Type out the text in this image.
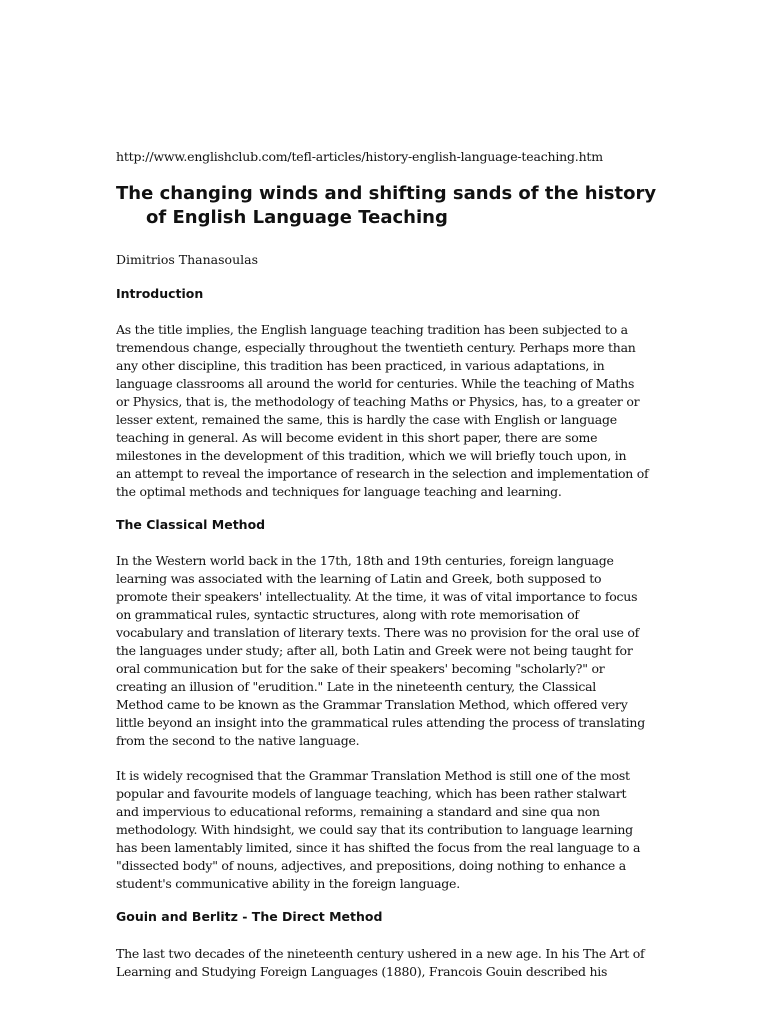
http://www.englishclub.com/tefl-articles/history-english-language-teaching.htm
The changing winds and shifting sands of the history of English Language Teaching
Dimitrios Thanasoulas
Introduction

As the title implies, the English language teaching tradition has been subjected to a
tremendous change, especially throughout the twentieth century. Perhaps more than
any other discipline, this tradition has been practiced, in various adaptations, in
language classrooms all around the world for centuries. While the teaching of Maths
or Physics, that is, the methodology of teaching Maths or Physics, has, to a greater or
lesser extent, remained the same, this is hardly the case with English or language
teaching in general. As will become evident in this short paper, there are some
milestones in the development of this tradition, which we will briefly touch upon, in
an attempt to reveal the importance of research in the selection and implementation of
the optimal methods and techniques for language teaching and learning.

The Classical Method

In the Western world back in the 17th, 18th and 19th centuries, foreign language
learning was associated with the learning of Latin and Greek, both supposed to
promote their speakers' intellectuality. At the time, it was of vital importance to focus
on grammatical rules, syntactic structures, along with rote memorisation of
vocabulary and translation of literary texts. There was no provision for the oral use of
the languages under study; after all, both Latin and Greek were not being taught for
oral communication but for the sake of their speakers' becoming "scholarly?" or
creating an illusion of "erudition." Late in the nineteenth century, the Classical
Method came to be known as the Grammar Translation Method, which offered very
little beyond an insight into the grammatical rules attending the process of translating
from the second to the native language.

It is widely recognised that the Grammar Translation Method is still one of the most
popular and favourite models of language teaching, which has been rather stalwart
and impervious to educational reforms, remaining a standard and sine qua non
methodology. With hindsight, we could say that its contribution to language learning
has been lamentably limited, since it has shifted the focus from the real language to a
"dissected body" of nouns, adjectives, and prepositions, doing nothing to enhance a
student's communicative ability in the foreign language.

Gouin and Berlitz - The Direct Method

The last two decades of the nineteenth century ushered in a new age. In his The Art of
Learning and Studying Foreign Languages (1880), Francois Gouin described his
